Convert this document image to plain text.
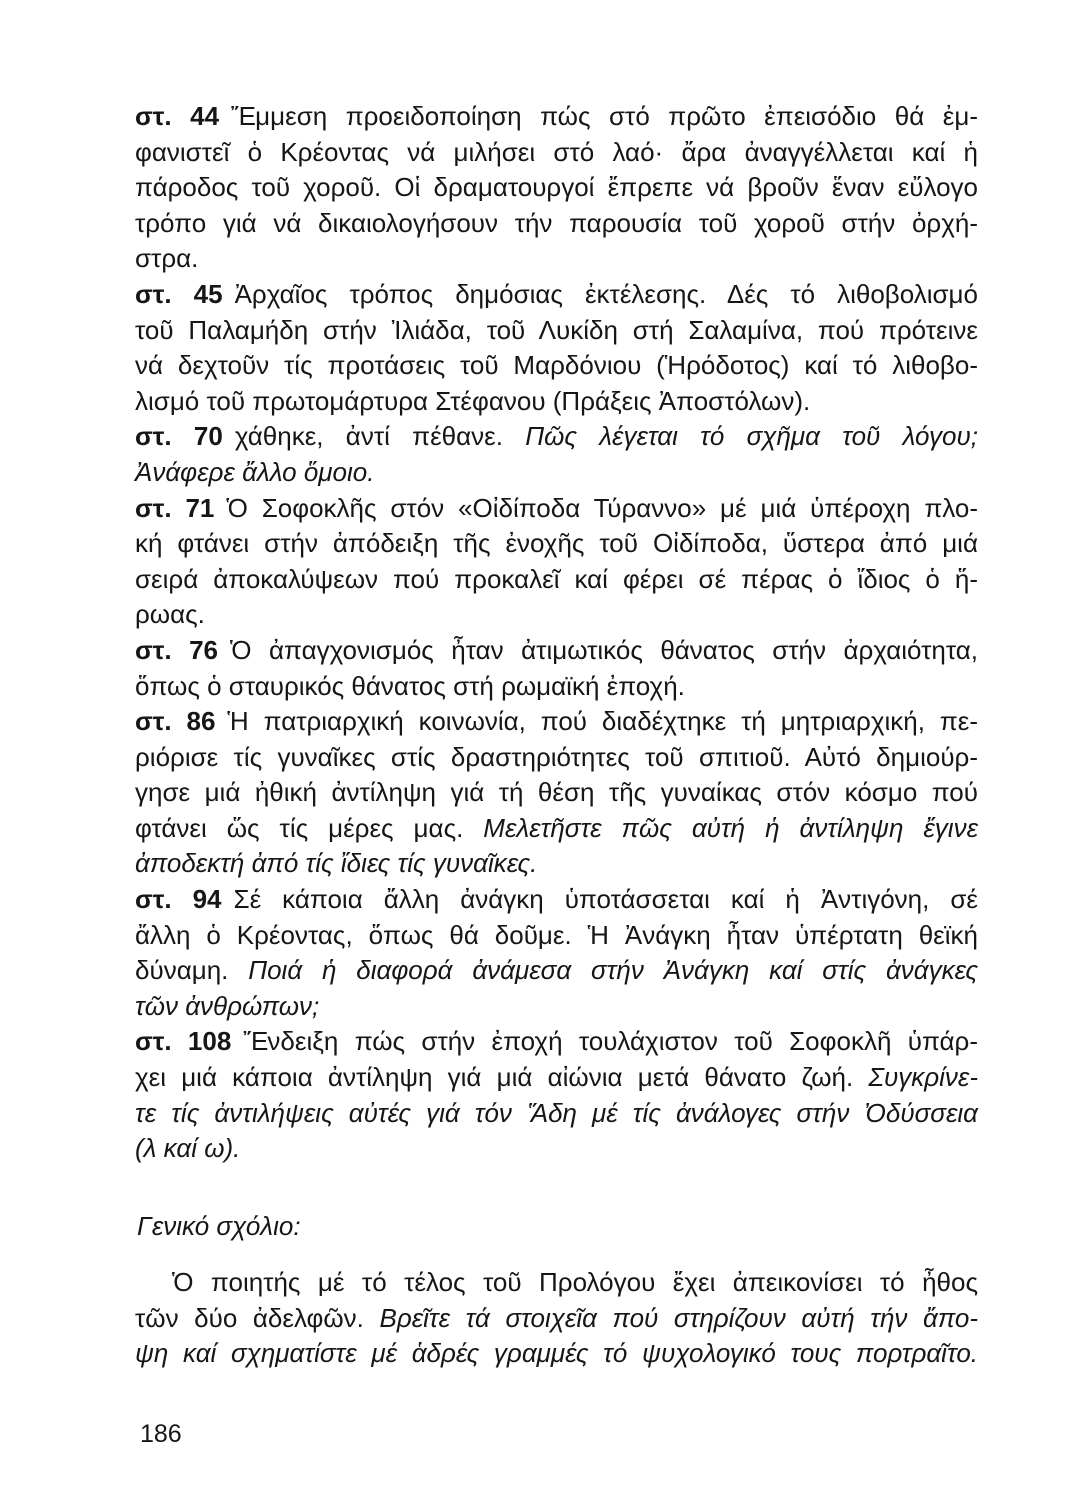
στ. 44 Ἔμμεση προειδοποίηση πώς στό πρῶτο ἐπεισόδιο θά ἐμ-
φανιστεῖ ὁ Κρέοντας νά μιλήσει στό λαό· ἄρα ἀναγγέλλεται καί ἡ
πάροδος τοῦ χοροῦ. Οἱ δραματουργοί ἔπρεπε νά βροῦν ἕναν εὔλογο
τρόπο γιά νά δικαιολογήσουν τήν παρουσία τοῦ χοροῦ στήν ὀρχή-
στρα.
στ. 45 Ἀρχαῖος τρόπος δημόσιας ἐκτέλεσης. Δές τό λιθοβολισμό
τοῦ Παλαμήδη στήν Ἰλιάδα, τοῦ Λυκίδη στή Σαλαμίνα, πού πρότεινε
νά δεχτοῦν τίς προτάσεις τοῦ Μαρδόνιου (Ἡρόδοτος) καί τό λιθοβο-
λισμό τοῦ πρωτομάρτυρα Στέφανου (Πράξεις Ἀποστόλων).
στ. 70 χάθηκε, ἀντί πέθανε. Πῶς λέγεται τό σχῆμα τοῦ λόγου;
Ἀνάφερε ἄλλο ὅμοιο.
στ. 71 Ὁ Σοφοκλῆς στόν «Οἰδίποδα Τύραννο» μέ μιά ὑπέροχη πλο-
κή φτάνει στήν ἀπόδειξη τῆς ἐνοχῆς τοῦ Οἰδίποδα, ὕστερα ἀπό μιά
σειρά ἀποκαλύψεων πού προκαλεῖ καί φέρει σέ πέρας ὁ ἴδιος ὁ ἥ-
ρωας.
στ. 76 Ὁ ἀπαγχονισμός ἦταν ἀτιμωτικός θάνατος στήν ἀρχαιότητα,
ὅπως ὁ σταυρικός θάνατος στή ρωμαϊκή ἐποχή.
στ. 86 Ἡ πατριαρχική κοινωνία, πού διαδέχτηκε τή μητριαρχική, πε-
ριόρισε τίς γυναῖκες στίς δραστηριότητες τοῦ σπιτιοῦ. Αὐτό δημιούρ-
γησε μιά ἠθική ἀντίληψη γιά τή θέση τῆς γυναίκας στόν κόσμο πού
φτάνει ὥς τίς μέρες μας. Μελετῆστε πῶς αὐτή ἡ ἀντίληψη ἔγινε
ἀποδεκτή ἀπό τίς ἴδιες τίς γυναῖκες.
στ. 94 Σέ κάποια ἄλλη ἀνάγκη ὑποτάσσεται καί ἡ Ἀντιγόνη, σέ
ἄλλη ὁ Κρέοντας, ὅπως θά δοῦμε. Ἡ Ἀνάγκη ἦταν ὑπέρτατη θεϊκή
δύναμη. Ποιά ἡ διαφορά ἀνάμεσα στήν Ἀνάγκη καί στίς ἀνάγκες
τῶν ἀνθρώπων;
στ. 108 Ἔνδειξη πώς στήν ἐποχή τουλάχιστον τοῦ Σοφοκλῆ ὑπάρ-
χει μιά κάποια ἀντίληψη γιά μιά αἰώνια μετά θάνατο ζωή. Συγκρίνε-
τε τίς ἀντιλήψεις αὐτές γιά τόν Ἅδη μέ τίς ἀνάλογες στήν Ὀδύσσεια
(λ καί ω).
Γενικό σχόλιο:
Ὁ ποιητής μέ τό τέλος τοῦ Προλόγου ἔχει ἀπεικονίσει τό ἦθος
τῶν δύο ἀδελφῶν. Βρεῖτε τά στοιχεῖα πού στηρίζουν αὐτή τήν ἄπο-
ψη καί σχηματίστε μέ ἁδρές γραμμές τό ψυχολογικό τους πορτραῖτο.
186
